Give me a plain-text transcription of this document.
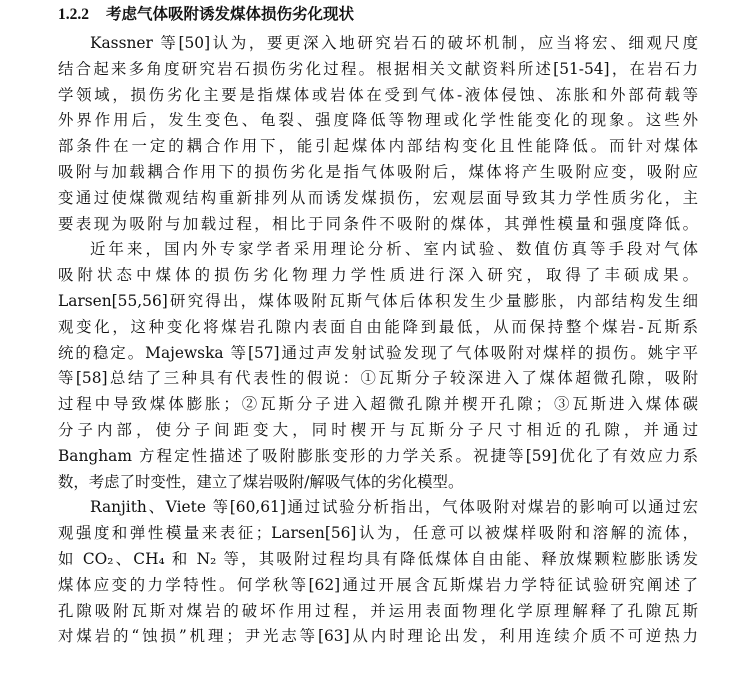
1.2.2 考虑气体吸附诱发煤体损伤劣化现状
Kassner 等[50]认为，要更深入地研究岩石的破坏机制，应当将宏、细观尺度
结合起来多角度研究岩石损伤劣化过程。根据相关文献资料所述[51-54]，在岩石力
学领域，损伤劣化主要是指煤体或岩体在受到气体-液体侵蚀、冻胀和外部荷载等
外界作用后，发生变色、龟裂、强度降低等物理或化学性能变化的现象。这些外
部条件在一定的耦合作用下，能引起煤体内部结构变化且性能降低。而针对煤体
吸附与加载耦合作用下的损伤劣化是指气体吸附后，煤体将产生吸附应变，吸附应
变通过使煤微观结构重新排列从而诱发煤损伤，宏观层面导致其力学性质劣化，主
要表现为吸附与加载过程，相比于同条件不吸附的煤体，其弹性模量和强度降低。
近年来，国内外专家学者采用理论分析、室内试验、数值仿真等手段对气体
吸附状态中煤体的损伤劣化物理力学性质进行深入研究，取得了丰硕成果。
Larsen[55,56]研究得出，煤体吸附瓦斯气体后体积发生少量膨胀，内部结构发生细
观变化，这种变化将煤岩孔隙内表面自由能降到最低，从而保持整个煤岩-瓦斯系
统的稳定。Majewska 等[57]通过声发射试验发现了气体吸附对煤样的损伤。姚宇平
等[58]总结了三种具有代表性的假说：①瓦斯分子较深进入了煤体超微孔隙，吸附
过程中导致煤体膨胀；②瓦斯分子进入超微孔隙并楔开孔隙；③瓦斯进入煤体碳
分子内部，使分子间距变大，同时楔开与瓦斯分子尺寸相近的孔隙，并通过
Bangham 方程定性描述了吸附膨胀变形的力学关系。祝捷等[59]优化了有效应力系
数，考虑了时变性，建立了煤岩吸附/解吸气体的劣化模型。
Ranjith、Viete 等[60,61]通过试验分析指出，气体吸附对煤岩的影响可以通过宏
观强度和弹性模量来表征；Larsen[56]认为，任意可以被煤样吸附和溶解的流体，
如 CO₂、CH₄ 和 N₂ 等，其吸附过程均具有降低煤体自由能、释放煤颗粒膨胀诱发
煤体应变的力学特性。何学秋等[62]通过开展含瓦斯煤岩力学特征试验研究阐述了
孔隙吸附瓦斯对煤岩的破坏作用过程，并运用表面物理化学原理解释了孔隙瓦斯
对煤岩的“蚀损”机理；尹光志等[63]从内时理论出发，利用连续介质不可逆热力
